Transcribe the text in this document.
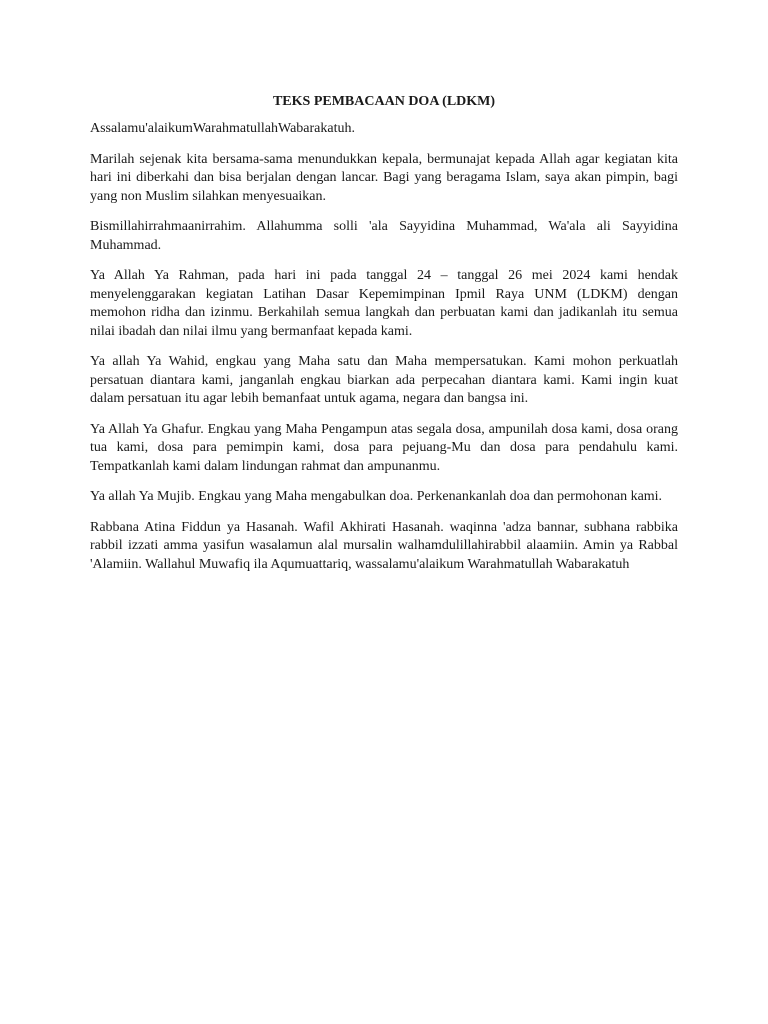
TEKS PEMBACAAN DOA (LDKM)

Assalamu'alaikumWarahmatullahWabarakatuh.

Marilah sejenak kita bersama-sama menundukkan kepala, bermunajat kepada Allah agar kegiatan kita hari ini diberkahi dan bisa berjalan dengan lancar. Bagi yang beragama Islam, saya akan pimpin, bagi yang non Muslim silahkan menyesuaikan.

Bismillahirrahmaanirrahim. Allahumma solli 'ala Sayyidina Muhammad, Wa'ala ali Sayyidina Muhammad.

Ya Allah Ya Rahman, pada hari ini pada tanggal 24 – tanggal 26 mei 2024 kami hendak menyelenggarakan kegiatan Latihan Dasar Kepemimpinan Ipmil Raya UNM (LDKM) dengan memohon ridha dan izinmu. Berkahilah semua langkah dan perbuatan kami dan jadikanlah itu semua nilai ibadah dan nilai ilmu yang bermanfaat kepada kami.

Ya allah Ya Wahid, engkau yang Maha satu dan Maha mempersatukan. Kami mohon perkuatlah persatuan diantara kami, janganlah engkau biarkan ada perpecahan diantara kami. Kami ingin kuat dalam persatuan itu agar lebih bemanfaat untuk agama, negara dan bangsa ini.

Ya Allah Ya Ghafur. Engkau yang Maha Pengampun atas segala dosa, ampunilah dosa kami, dosa orang tua kami, dosa para pemimpin kami, dosa para pejuang-Mu dan dosa para pendahulu kami. Tempatkanlah kami dalam lindungan rahmat dan ampunanmu.

Ya allah Ya Mujib. Engkau yang Maha mengabulkan doa. Perkenankanlah doa dan permohonan kami.

Rabbana Atina Fiddun ya Hasanah. Wafil Akhirati Hasanah. waqinna 'adza bannar, subhana rabbika rabbil izzati amma yasifun wasalamun alal mursalin walhamdulillahirabbil alaamiin. Amin ya Rabbal 'Alamiin. Wallahul Muwafiq ila Aqumuattariq, wassalamu'alaikum Warahmatullah Wabarakatuh
